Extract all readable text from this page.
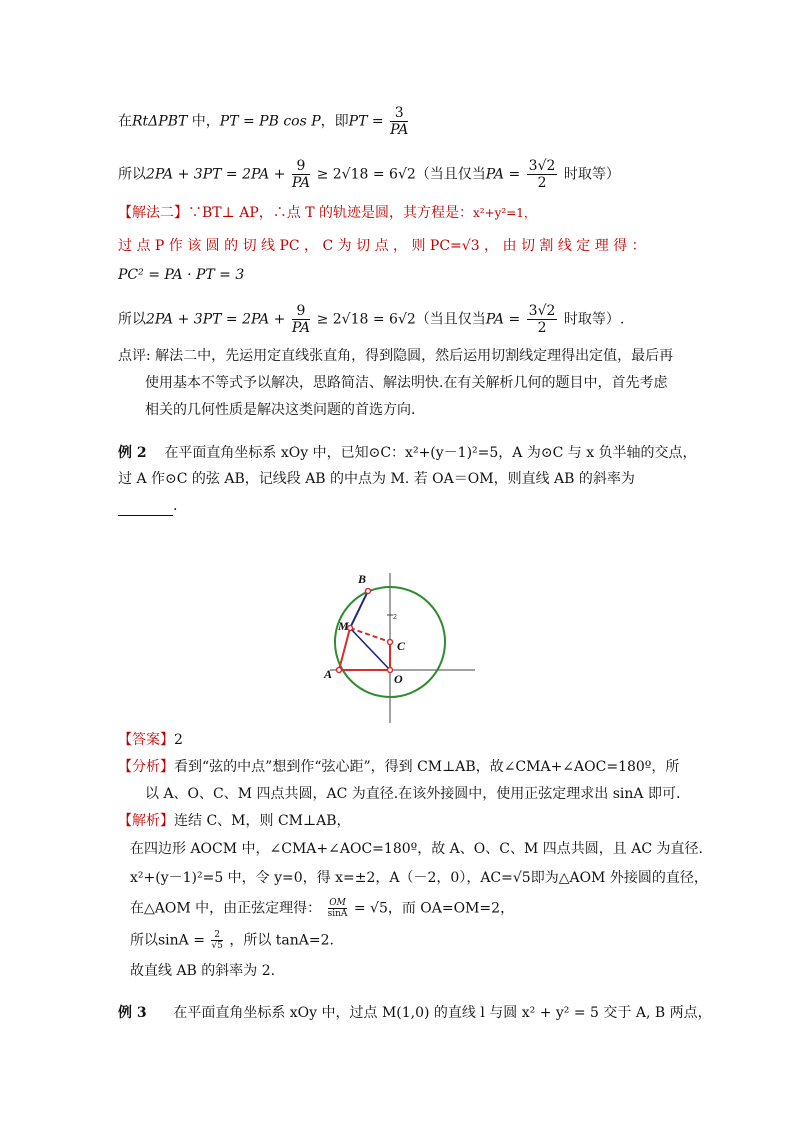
在RtΔPBT 中，PT = PB cos P，即PT = $\frac{3}{PA}$
所以$2PA + 3PT = 2PA + \frac{9}{PA} \ge 2√18 = 6√2$（当且仅当PA = $\frac{3√2}{2}$ 时取等）
【解法二】∵BT⊥ AP，∴点 T 的轨迹是圆，其方程是：x²+y²=1，
过 点 P 作 该 圆 的 切 线 PC ， C 为 切 点 ， 则 PC=√3 ， 由 切 割 线 定 理 得 ：
PC² = PA · PT = 3
所以$2PA + 3PT = 2PA + \frac{9}{PA} \ge 2√18 = 6√2$（当且仅当PA = $\frac{3√2}{2}$ 时取等）.
点评: 解法二中，先运用定直线张直角，得到隐圆，然后运用切割线定理得出定值，最后再
使用基本不等式予以解决，思路简洁、解法明快.在有关解析几何的题目中，首先考虑
相关的几何性质是解决这类问题的首选方向.
例 2 在平面直角坐标系 xOy 中，已知⊙C：x²+(y－1)²=5，A 为⊙C 与 x 负半轴的交点，
过 A 作⊙C 的弦 AB，记线段 AB 的中点为 M. 若 OA＝OM，则直线 AB 的斜率为
.
2
B
M
C
A	O
【答案】2
【分析】看到“弦的中点”想到作“弦心距”，得到 CM⊥AB，故∠CMA+∠AOC=180º，所
以 A、O、C、M 四点共圆，AC 为直径.在该外接圆中，使用正弦定理求出 sinA 即可.
【解析】连结 C、M，则 CM⊥AB，
在四边形 AOCM 中，∠CMA+∠AOC=180º，故 A、O、C、M 四点共圆，且 AC 为直径.
x²+(y－1)²=5 中，令 y=0，得 x=±2，A（－2，0），AC=√5即为△AOM 外接圆的直径，
在△AOM 中，由正弦定理得： $\frac{OM}{\sin A} = √5$，而 OA=OM=2，
所以$\sin A = \frac{2}{√5}$ ，所以 tanA=2.
故直线 AB 的斜率为 2.
例 3 在平面直角坐标系 xOy 中，过点 M(1,0) 的直线 l 与圆 x² + y² = 5 交于 A, B 两点，
